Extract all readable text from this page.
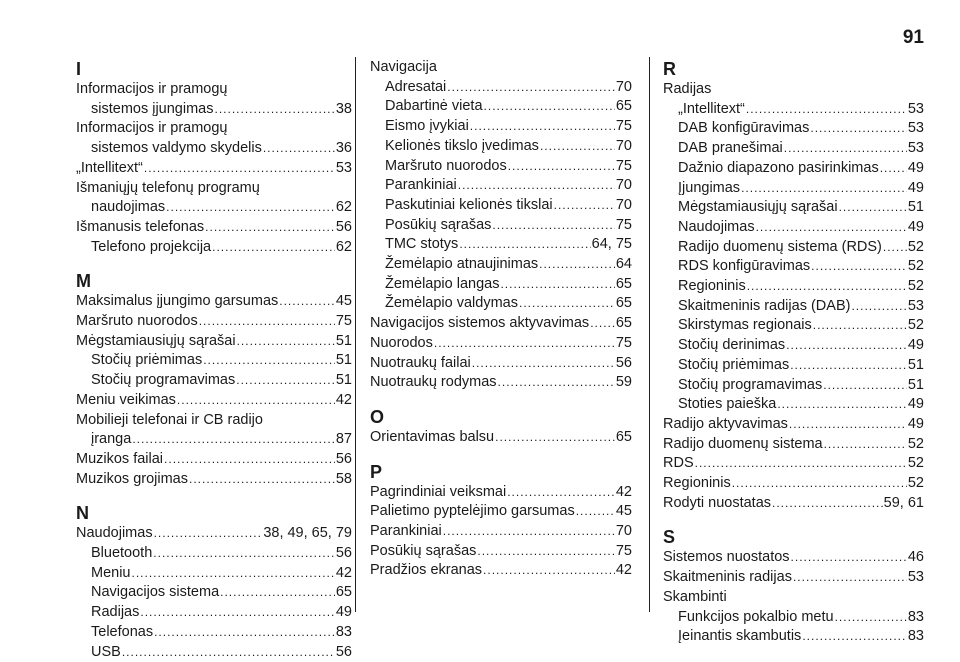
91
I
Informacijos ir pramogų
sistemos įjungimas .....	38
Informacijos ir pramogų
sistemos valdymo skydelis .....	36
„Intellitext“ .....	53
Išmaniųjų telefonų programų
naudojimas .....	62
Išmanusis telefonas .....	56
Telefono projekcija .....	62
M
Maksimalus įjungimo garsumas .....	45
Maršruto nuorodos .....	75
Mėgstamiausiųjų sąrašai .....	51
Stočių priėmimas .....	51
Stočių programavimas .....	51
Meniu veikimas .....	42
Mobilieji telefonai ir CB radijo
įranga .....	87
Muzikos failai .....	56
Muzikos grojimas .....	58
N
Naudojimas .....	38, 49, 65, 79
Bluetooth .....	56
Meniu .....	42
Navigacijos sistema .....	65
Radijas .....	49
Telefonas .....	83
USB .....	56
Navigacija
Adresatai .....	70
Dabartinė vieta .....	65
Eismo įvykiai .....	75
Kelionės tikslo įvedimas .....	70
Maršruto nuorodos .....	75
Parankiniai .....	70
Paskutiniai kelionės tikslai .....	70
Posūkių sąrašas .....	75
TMC stotys .....	64, 75
Žemėlapio atnaujinimas .....	64
Žemėlapio langas .....	65
Žemėlapio valdymas .....	65
Navigacijos sistemos aktyvavimas ..... 65
Nuorodos .....	75
Nuotraukų failai .....	56
Nuotraukų rodymas .....	59
O
Orientavimas balsu .....	65
P
Pagrindiniai veiksmai .....	42
Palietimo pyptelėjimo garsumas .....	45
Parankiniai .....	70
Posūkių sąrašas .....	75
Pradžios ekranas .....	42
R
Radijas
„Intellitext“ .....	53
DAB konfigūravimas .....	53
DAB pranešimai .....	53
Dažnio diapazono pasirinkimas ..... 49
Įjungimas .....	49
Mėgstamiausiųjų sąrašai .....	51
Naudojimas .....	49
Radijo duomenų sistema (RDS) ..... 52
RDS konfigūravimas .....	52
Regioninis .....	52
Skaitmeninis radijas (DAB) .....	53
Skirstymas regionais .....	52
Stočių derinimas .....	49
Stočių priėmimas .....	51
Stočių programavimas .....	51
Stoties paieška .....	49
Radijo aktyvavimas .....	49
Radijo duomenų sistema .....	52
RDS .....	52
Regioninis .....	52
Rodyti nuostatas .....	59, 61
S
Sistemos nuostatos .....	46
Skaitmeninis radijas .....	53
Skambinti
Funkcijos pokalbio metu .....	83
Įeinantis skambutis .....	83
